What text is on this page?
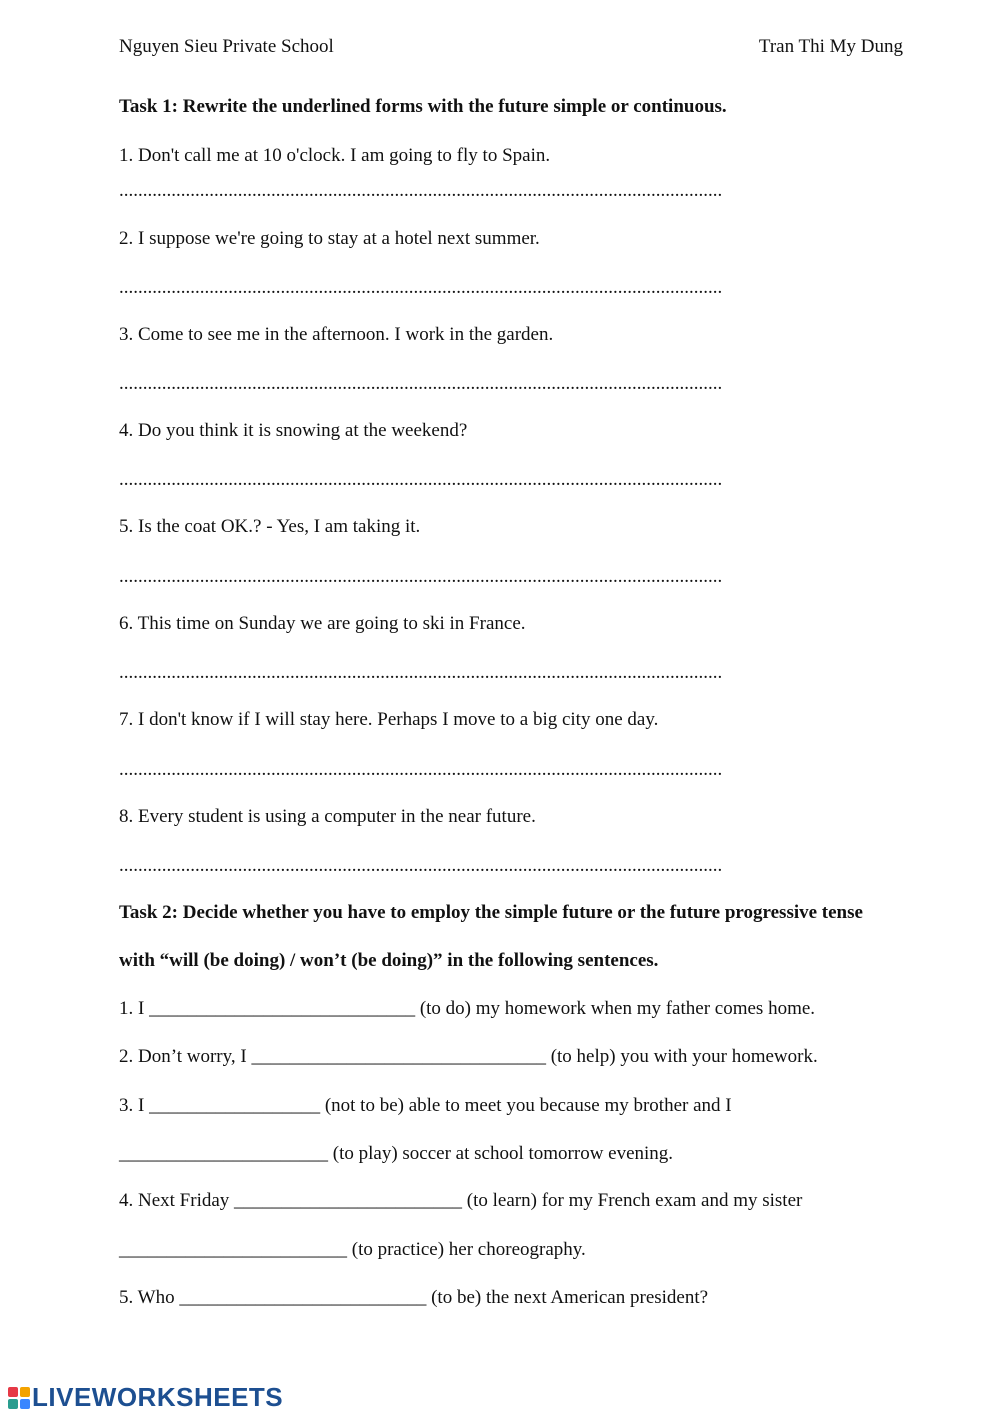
Nguyen Sieu Private School	Tran Thi My Dung
Task 1: Rewrite the underlined forms with the future simple or continuous.
1. Don't call me at 10 o'clock. I am going to fly to Spain.
...............................................................................................................................
2. I suppose we're going to stay at a hotel next summer.
...............................................................................................................................
3. Come to see me in the afternoon. I work in the garden.
...............................................................................................................................
4. Do you think it is snowing at the weekend?
...............................................................................................................................
5. Is the coat OK.? - Yes, I am taking it.
...............................................................................................................................
6. This time on Sunday we are going to ski in France.
...............................................................................................................................
7. I don't know if I will stay here. Perhaps I move to a big city one day.
...............................................................................................................................
8. Every student is using a computer in the near future.
...............................................................................................................................
Task 2: Decide whether you have to employ the simple future or the future progressive tense
with “will (be doing) / won’t (be doing)” in the following sentences.
1. I ____________________________ (to do) my homework when my father comes home.
2. Don’t worry, I _______________________________ (to help) you with your homework.
3. I __________________ (not to be) able to meet you because my brother and I
______________________ (to play) soccer at school tomorrow evening.
4. Next Friday ________________________ (to learn) for my French exam and my sister
________________________ (to practice) her choreography.
5. Who __________________________ (to be) the next American president?
LIVEWORKSHEETS
